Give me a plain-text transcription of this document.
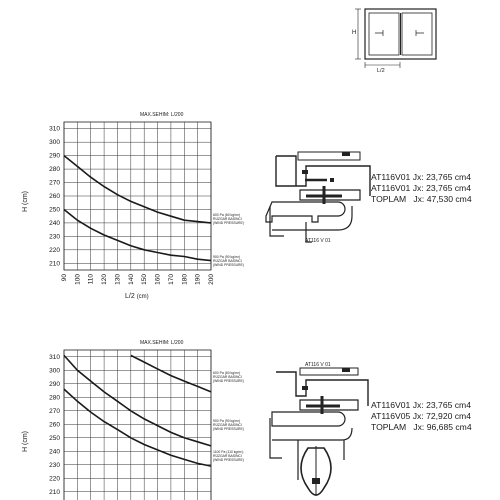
H
L/2
MAX.SEHIM: L/200
310
300
290
280
270
260
250
240
230
220
210
90 100 110 120 130 140 150 160 170 180 190 200
H (cm)
L/2 (cm)
600 Pa (60 kg/m²)
RÜZGAR BASINCI
(WIND PRESSURE)
900 Pa (90 kg/m²)
RÜZGAR BASINCI
(WIND PRESSURE)
AT116 V 01
AT116V01 Jx: 23,765 cm4
AT116V01 Jx: 23,765 cm4
TOPLAM   Jx: 47,530 cm4
MAX.SEHIM: L/200
310
300
290
280
270
260
250
240
230
220
210
H (cm)
600 Pa (60 kg/m²)
RÜZGAR BASINCI
(WIND PRESSURE)
900 Pa (90 kg/m²)
RÜZGAR BASINCI
(WIND PRESSURE)
1100 Pa (110 kg/m²)
RÜZGAR BASINCI
(WIND PRESSURE)
AT116 V 01
AT116V01 Jx: 23,765 cm4
AT116V05 Jx: 72,920 cm4
TOPLAM   Jx: 96,685 cm4
